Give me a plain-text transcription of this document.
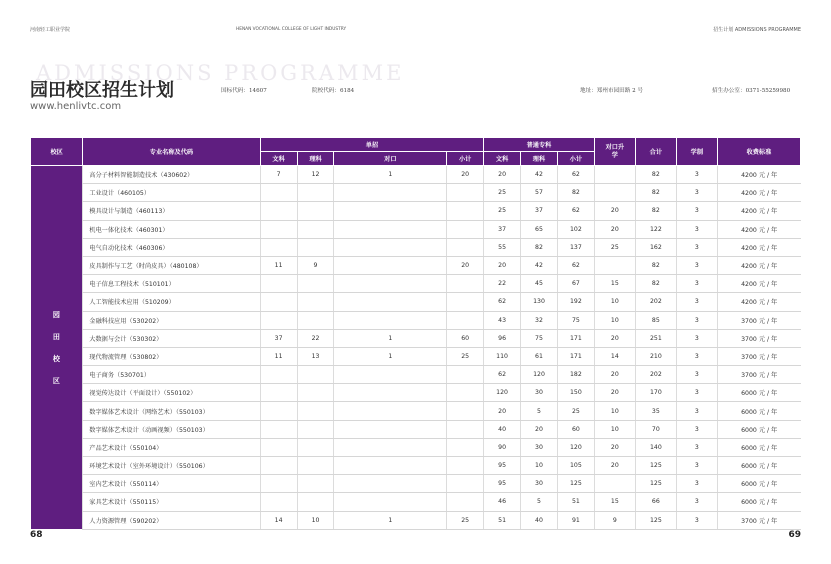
河南轻工职业学院	HENAN VOCATIONAL COLLEGE OF LIGHT INDUSTRY	招生计划 ADMISSIONS PROGRAMME
ADMISSIONS PROGRAMME
园田校区招生计划
www.henlivtc.com
国标代码：14607	院校代码：6184	地址：郑州市园田路 2 号	招生办公室：0371-55259980
校区	专业名称及代码	单招				普通专科			对口升学	合计	学制	收费标准
		文科	理科	对口	小计	文科	理科	小计				

园
田
校
区	高分子材料智能制造技术（430602）	7	12	1	20	20	42	62		82	3	4200 元 / 年
	工业设计（460105）					25	57	82		82	3	4200 元 / 年
	模具设计与制造（460113）					25	37	62	20	82	3	4200 元 / 年
	机电一体化技术（460301）					37	65	102	20	122	3	4200 元 / 年
	电气自动化技术（460306）					55	82	137	25	162	3	4200 元 / 年
	皮具制作与工艺（时尚皮具）（480108）	11	9		20	20	42	62		82	3	4200 元 / 年
	电子信息工程技术（510101）					22	45	67	15	82	3	4200 元 / 年
	人工智能技术应用（510209）					62	130	192	10	202	3	4200 元 / 年
	金融科技应用（530202）					43	32	75	10	85	3	3700 元 / 年
	大数据与会计（530302）	37	22	1	60	96	75	171	20	251	3	3700 元 / 年
	现代物流管理（530802）	11	13	1	25	110	61	171	14	210	3	3700 元 / 年
	电子商务（530701）					62	120	182	20	202	3	3700 元 / 年
	视觉传达设计（平面设计）（550102）					120	30	150	20	170	3	6000 元 / 年
	数字媒体艺术设计（网络艺术）（550103）					20	5	25	10	35	3	6000 元 / 年
	数字媒体艺术设计（动画视频）（550103）					40	20	60	10	70	3	6000 元 / 年
	产品艺术设计（550104）					90	30	120	20	140	3	6000 元 / 年
	环境艺术设计（室外环境设计）（550106）					95	10	105	20	125	3	6000 元 / 年
	室内艺术设计（550114）					95	30	125		125	3	6000 元 / 年
	家具艺术设计（550115）					46	5	51	15	66	3	6000 元 / 年
	人力资源管理（590202）	14	10	1	25	51	40	91	9	125	3	3700 元 / 年
68	69
